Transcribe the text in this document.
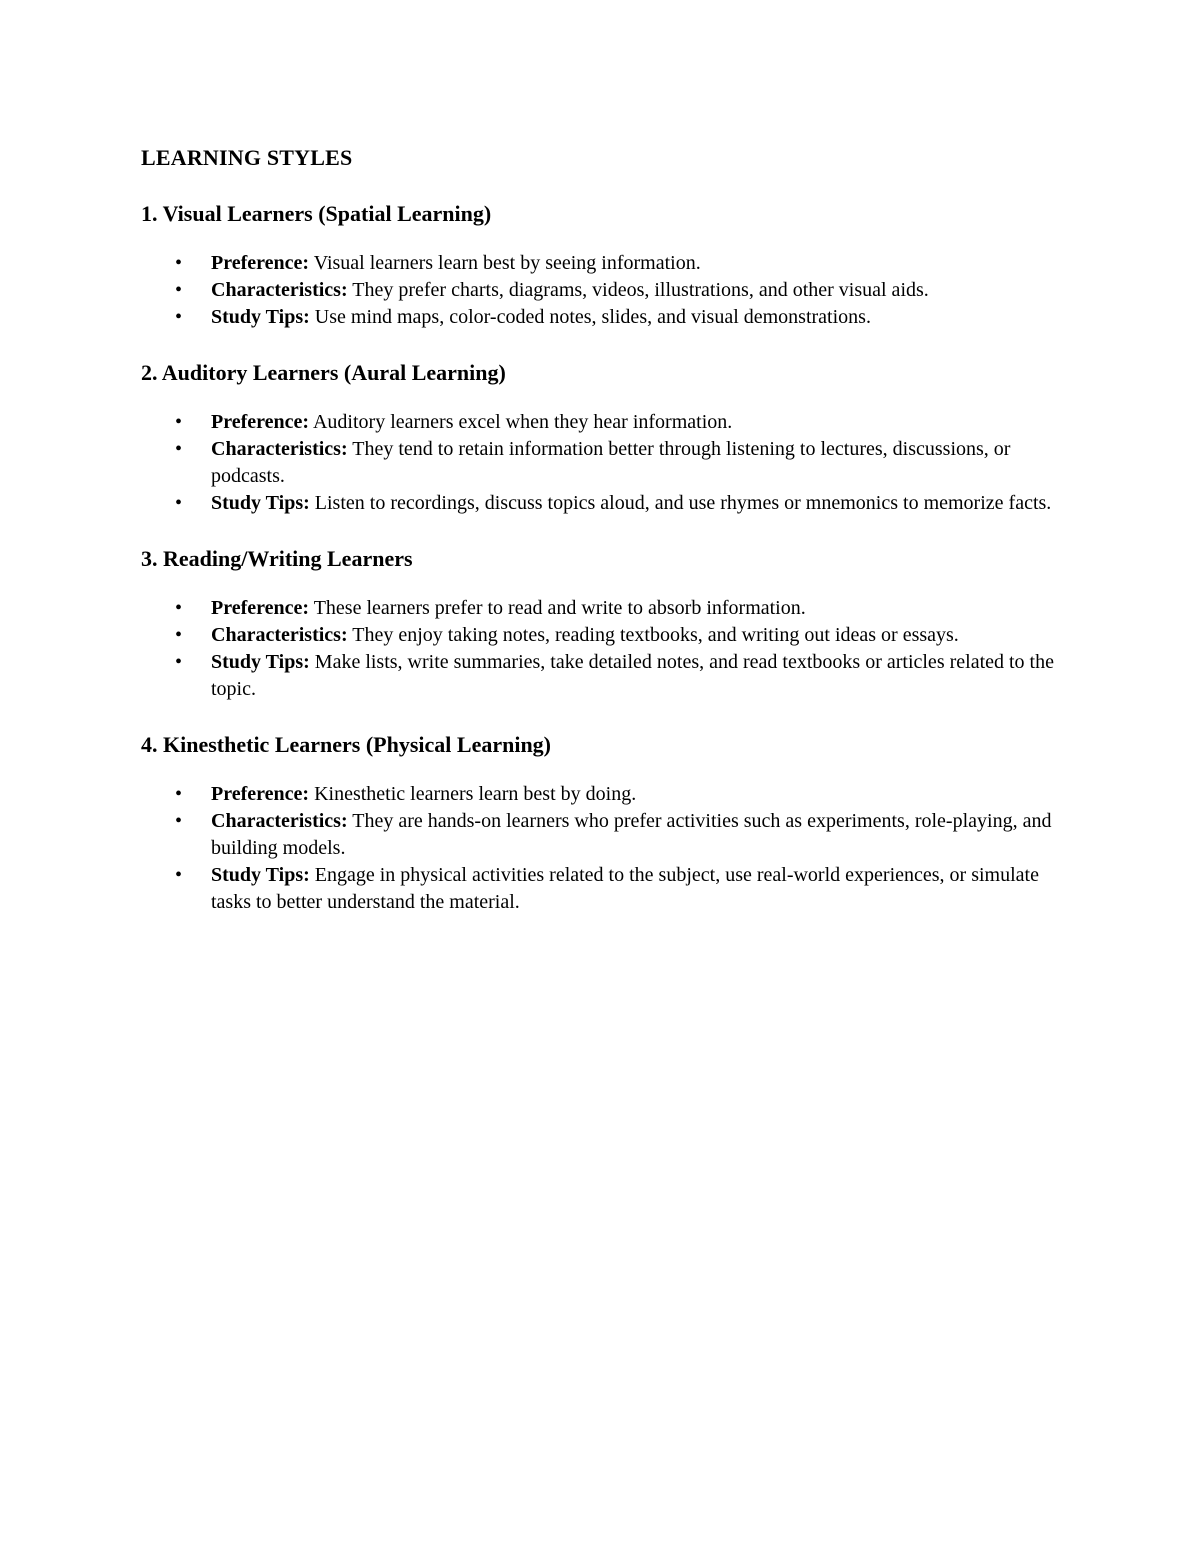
LEARNING STYLES
1. Visual Learners (Spatial Learning)
• Preference: Visual learners learn best by seeing information.
• Characteristics: They prefer charts, diagrams, videos, illustrations, and other visual aids.
• Study Tips: Use mind maps, color-coded notes, slides, and visual demonstrations.
2. Auditory Learners (Aural Learning)
• Preference: Auditory learners excel when they hear information.
• Characteristics: They tend to retain information better through listening to lectures, discussions, or podcasts.
• Study Tips: Listen to recordings, discuss topics aloud, and use rhymes or mnemonics to memorize facts.
3. Reading/Writing Learners
• Preference: These learners prefer to read and write to absorb information.
• Characteristics: They enjoy taking notes, reading textbooks, and writing out ideas or essays.
• Study Tips: Make lists, write summaries, take detailed notes, and read textbooks or articles related to the topic.
4. Kinesthetic Learners (Physical Learning)
• Preference: Kinesthetic learners learn best by doing.
• Characteristics: They are hands-on learners who prefer activities such as experiments, role-playing, and building models.
• Study Tips: Engage in physical activities related to the subject, use real-world experiences, or simulate tasks to better understand the material.
